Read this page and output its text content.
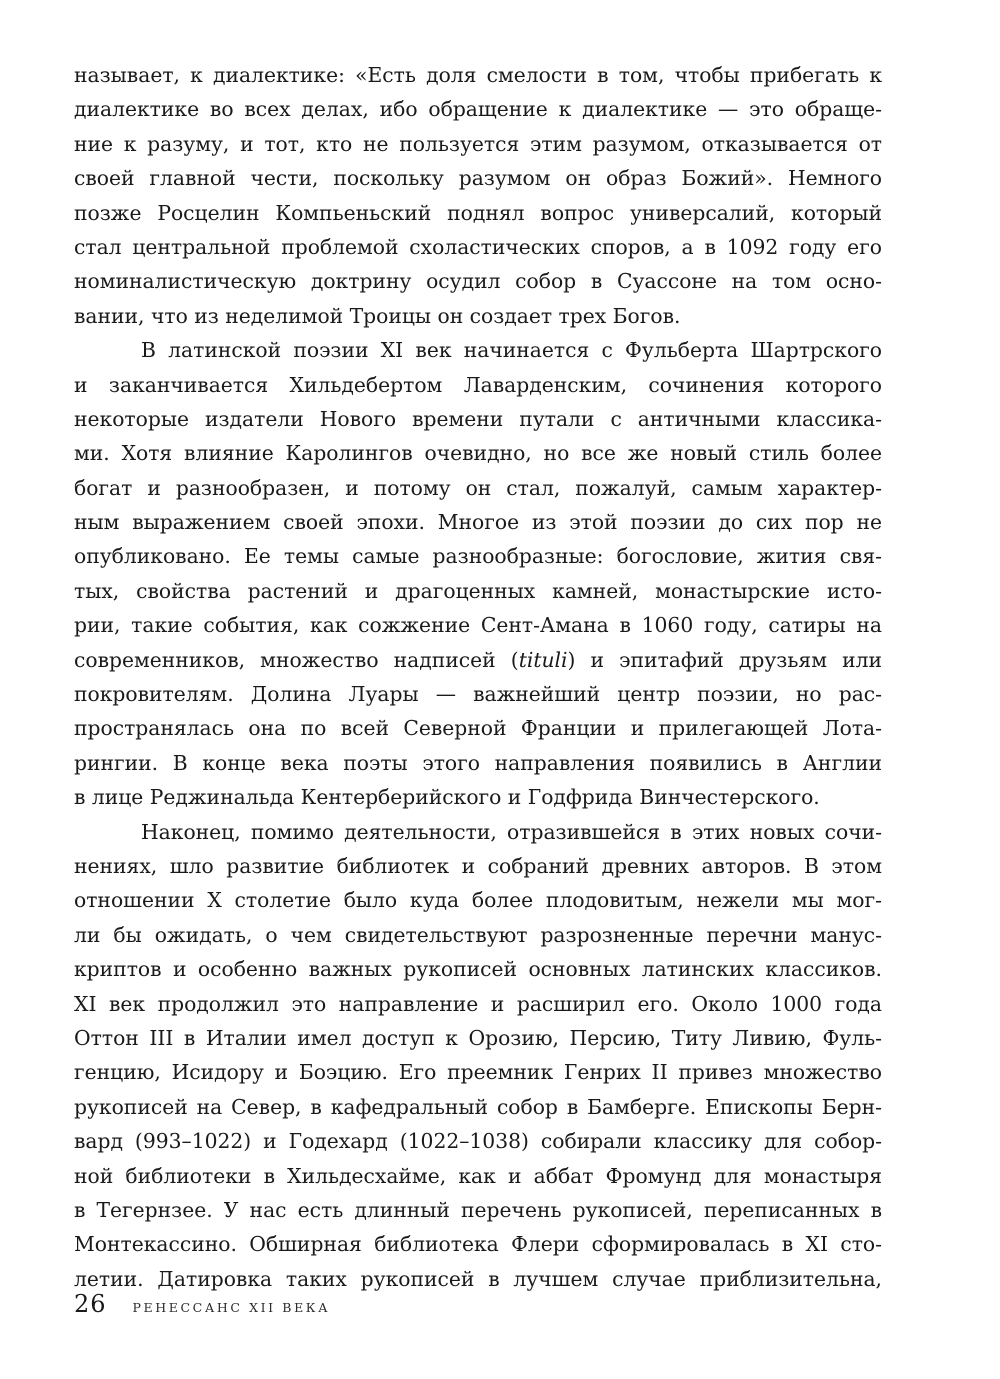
называет, к диалектике: «Есть доля смелости в том, чтобы прибегать к
диалектике во всех делах, ибо обращение к диалектике — это обраще-
ние к разуму, и тот, кто не пользуется этим разумом, отказывается от
своей главной чести, поскольку разумом он образ Божий». Немного
позже Росцелин Компьеньский поднял вопрос универсалий, который
стал центральной проблемой схоластических споров, а в 1092 году его
номиналистическую доктрину осудил собор в Суассоне на том осно-
вании, что из неделимой Троицы он создает трех Богов.
В латинской поэзии XI век начинается с Фульберта Шартрского
и заканчивается Хильдебертом Лаварденским, сочинения которого
некоторые издатели Нового времени путали с античными классика-
ми. Хотя влияние Каролингов очевидно, но все же новый стиль более
богат и разнообразен, и потому он стал, пожалуй, самым характер-
ным выражением своей эпохи. Многое из этой поэзии до сих пор не
опубликовано. Ее темы самые разнообразные: богословие, жития свя-
тых, свойства растений и драгоценных камней, монастырские исто-
рии, такие события, как сожжение Сент-Амана в 1060 году, сатиры на
современников, множество надписей (tituli) и эпитафий друзьям или
покровителям. Долина Луары — важнейший центр поэзии, но рас-
пространялась она по всей Северной Франции и прилегающей Лота-
рингии. В конце века поэты этого направления появились в Англии
в лице Реджинальда Кентерберийского и Годфрида Винчестерского.
Наконец, помимо деятельности, отразившейся в этих новых сочи-
нениях, шло развитие библиотек и собраний древних авторов. В этом
отношении X столетие было куда более плодовитым, нежели мы мог-
ли бы ожидать, о чем свидетельствуют разрозненные перечни манус-
криптов и особенно важных рукописей основных латинских классиков.
XI век продолжил это направление и расширил его. Около 1000 года
Оттон III в Италии имел доступ к Орозию, Персию, Титу Ливию, Фуль-
генцию, Исидору и Боэцию. Его преемник Генрих II привез множество
рукописей на Север, в кафедральный собор в Бамберге. Епископы Берн-
вард (993–1022) и Годехард (1022–1038) собирали классику для собор-
ной библиотеки в Хильдесхайме, как и аббат Фромунд для монастыря
в Тегернзее. У нас есть длинный перечень рукописей, переписанных в
Монтекассино. Обширная библиотека Флери сформировалась в XI сто-
летии. Датировка таких рукописей в лучшем случае приблизительна,
26 РЕНЕССАНС XII ВЕКА
